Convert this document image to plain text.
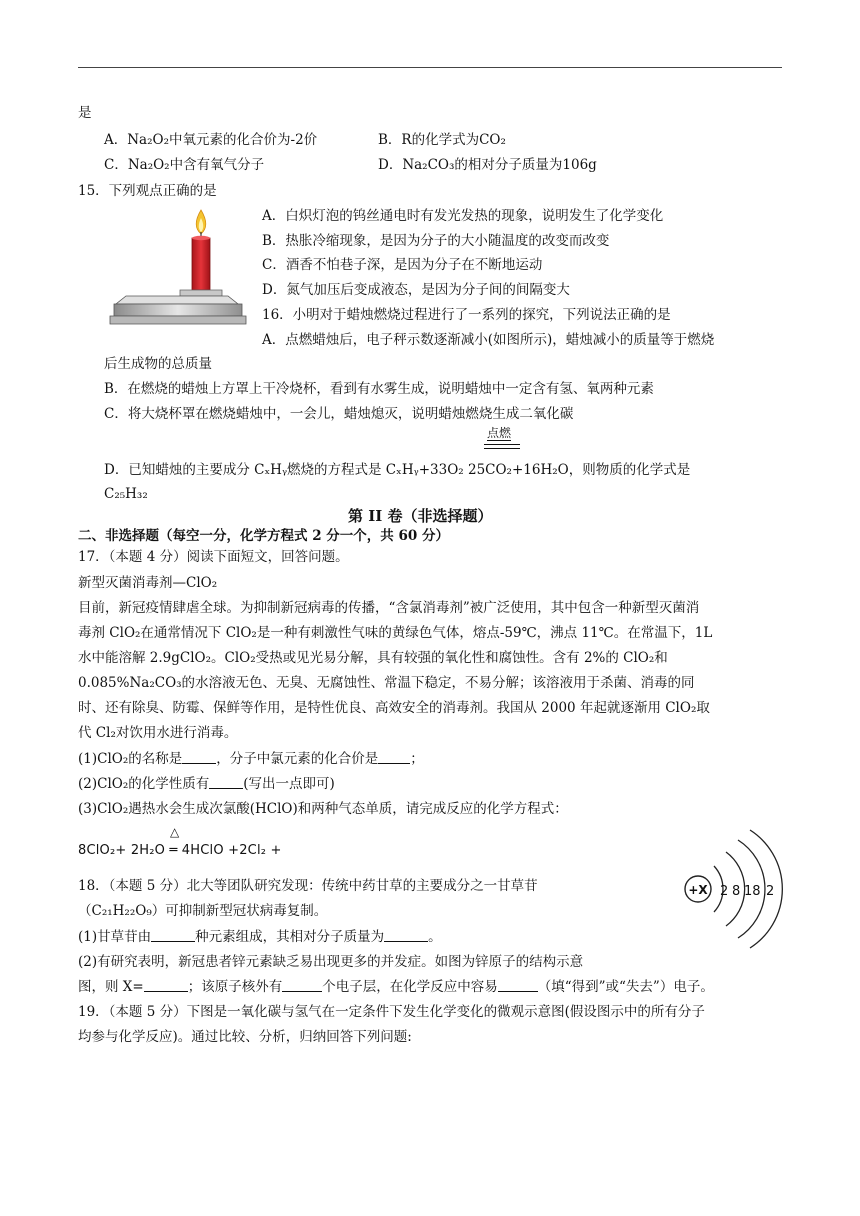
是
A．Na₂O₂中氧元素的化合价为-2价	B．R的化学式为CO₂
C．Na₂O₂中含有氧气分子	D．Na₂CO₃的相对分子质量为106g
15．下列观点正确的是
A．白炽灯泡的钨丝通电时有发光发热的现象，说明发生了化学变化
B．热胀冷缩现象，是因为分子的大小随温度的改变而改变
C．酒香不怕巷子深，是因为分子在不断地运动
D．氮气加压后变成液态，是因为分子间的间隔变大
16．小明对于蜡烛燃烧过程进行了一系列的探究，下列说法正确的是
A．点燃蜡烛后，电子秤示数逐渐减小(如图所示)，蜡烛减小的质量等于燃烧
后生成物的总质量
B．在燃烧的蜡烛上方罩上干冷烧杯，看到有水雾生成，说明蜡烛中一定含有氢、氧两种元素
C．将大烧杯罩在燃烧蜡烛中，一会儿，蜡烛熄灭，说明蜡烛燃烧生成二氧化碳
点燃
D．已知蜡烛的主要成分 CₓHᵧ燃烧的方程式是 CₓHᵧ+33O₂ 25CO₂+16H₂O，则物质的化学式是
C₂₅H₃₂
第 II 卷（非选择题）
二、非选择题（每空一分，化学方程式 2 分一个，共 60 分）
17．（本题 4 分）阅读下面短文，回答问题。
新型灭菌消毒剂—ClO₂
目前，新冠疫情肆虐全球。为抑制新冠病毒的传播，“含氯消毒剂”被广泛使用，其中包含一种新型灭菌消
毒剂 ClO₂在通常情况下 ClO₂是一种有刺激性气味的黄绿色气体，熔点-59℃，沸点 11℃。在常温下，1L
水中能溶解 2.9gClO₂。ClO₂受热或见光易分解，具有较强的氧化性和腐蚀性。含有 2%的 ClO₂和
0.085%Na₂CO₃的水溶液无色、无臭、无腐蚀性、常温下稳定，不易分解；该溶液用于杀菌、消毒的同
时、还有除臭、防霉、保鲜等作用，是特性优良、高效安全的消毒剂。我国从 2000 年起就逐渐用 ClO₂取
代 Cl₂对饮用水进行消毒。
(1)ClO₂的名称是	，分子中氯元素的化合价是 ；
(2)ClO₂的化学性质有	(写出一点即可)
(3)ClO₂遇热水会生成次氯酸(HClO)和两种气态单质，请完成反应的化学方程式：
△
8ClO₂+ 2H₂O ═ 4HClO +2Cl₂ +
18．（本题 5 分）北大等团队研究发现：传统中药甘草的主要成分之一甘草苷
（C₂₁H₂₂O₉）可抑制新型冠状病毒复制。
(1)甘草苷由	种元素组成，其相对分子质量为	。
(2)有研究表明，新冠患者锌元素缺乏易出现更多的并发症。如图为锌原子的结构示意
图，则 X=	；该原子核外有	个电子层，在化学反应中容易	（填“得到”或“失去”）电子。
+X 2 8 18 2
19．（本题 5 分）下图是一氧化碳与氢气在一定条件下发生化学变化的微观示意图(假设图示中的所有分子
均参与化学反应)。通过比较、分析，归纳回答下列问题:
